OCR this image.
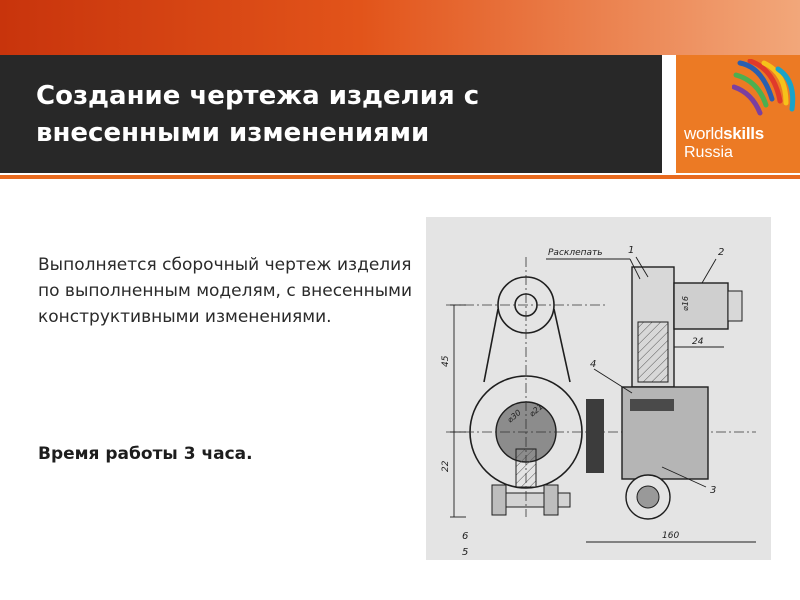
Создание чертежа изделия с внесенными изменениями	worldskills
Russia

Выполняется сборочный чертеж изделия по выполненным моделям, с внесенными конструктивными изменениями.

Время работы 3 часа.

Расклепать	1	2
3
4
6
5
⌀16
24
45
22
160
⌀30 ⌀21
